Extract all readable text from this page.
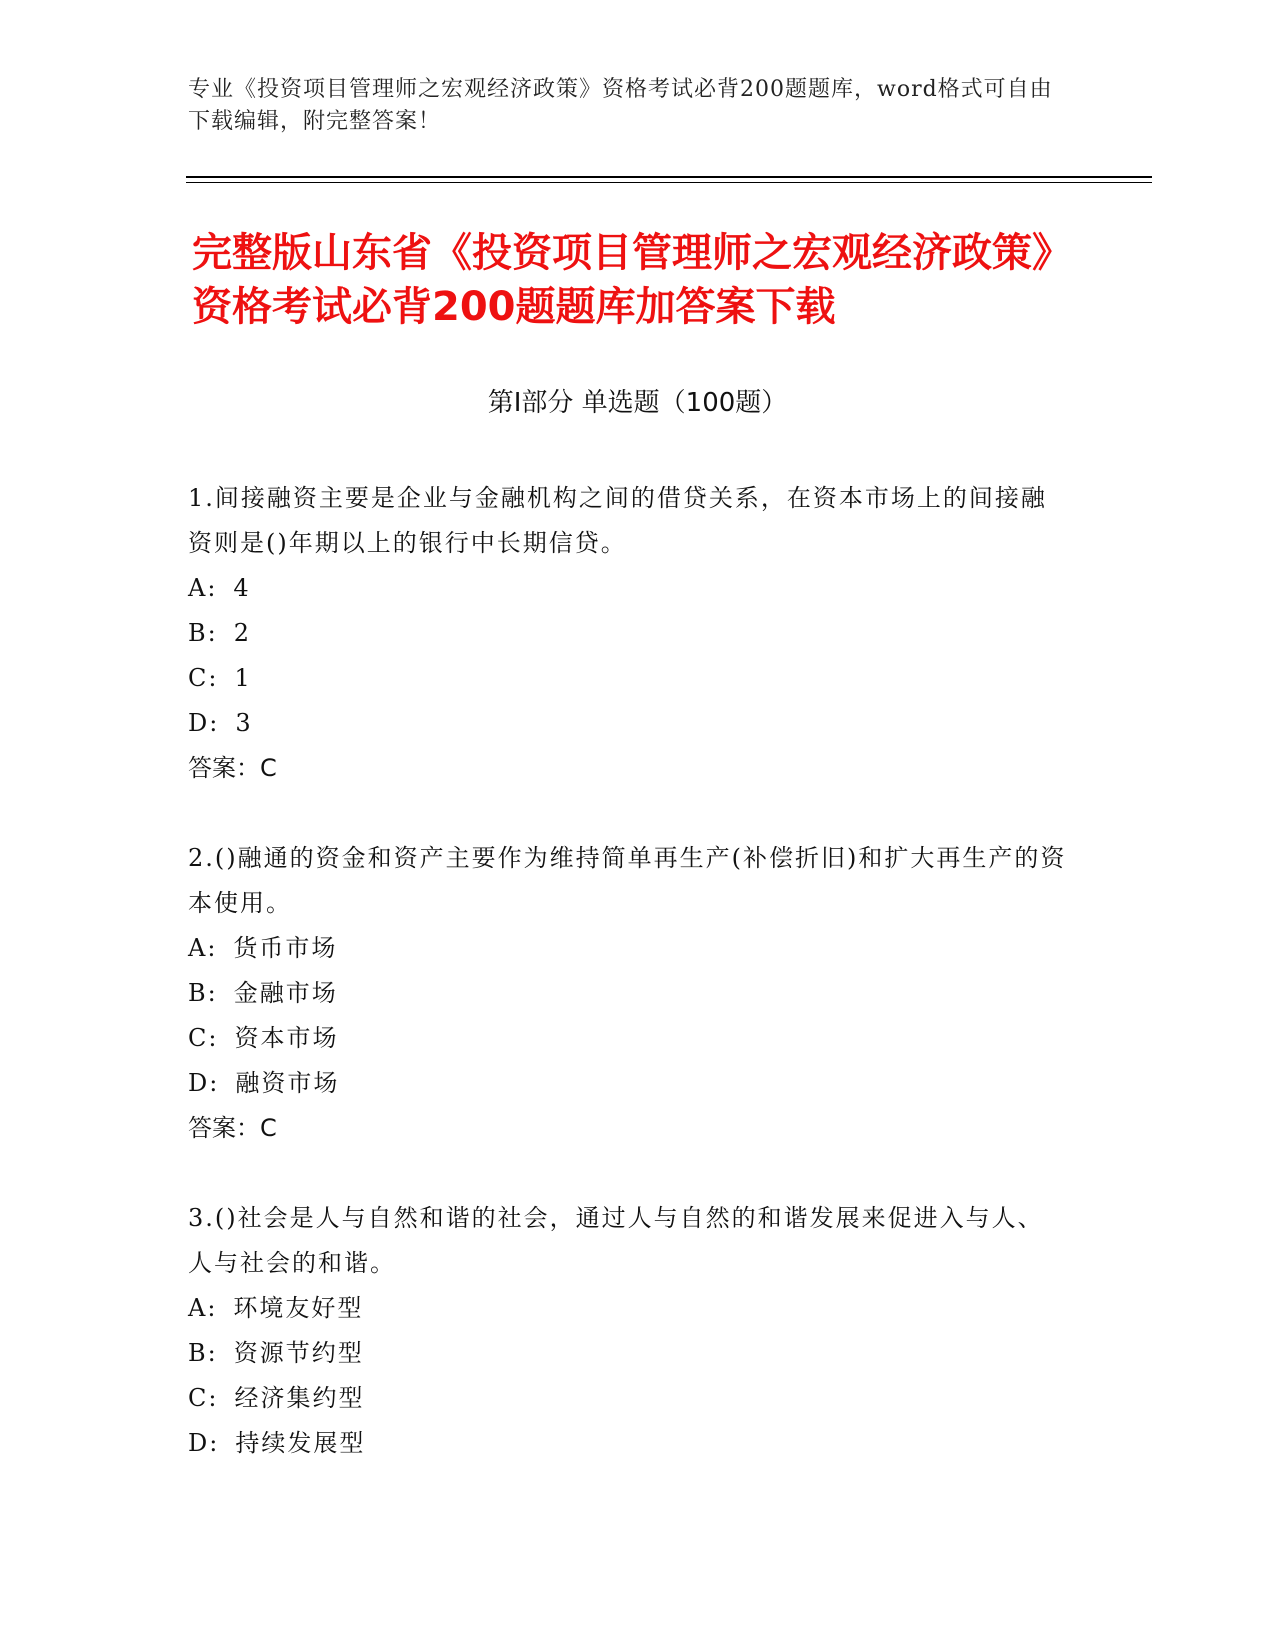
专业《投资项目管理师之宏观经济政策》资格考试必背200题题库，word格式可自由下载编辑，附完整答案！
完整版山东省《投资项目管理师之宏观经济政策》资格考试必背200题题库加答案下载
第Ⅰ部分 单选题（100题）

1.间接融资主要是企业与金融机构之间的借贷关系，在资本市场上的间接融资则是()年期以上的银行中长期信贷。

A: 4
B: 2
C: 1
D: 3
答案：C

2.()融通的资金和资产主要作为维持简单再生产(补偿折旧)和扩大再生产的资本使用。

A: 货币市场
B: 金融市场
C: 资本市场
D: 融资市场
答案：C

3.()社会是人与自然和谐的社会，通过人与自然的和谐发展来促进入与人、人与社会的和谐。

A: 环境友好型
B: 资源节约型
C: 经济集约型
D: 持续发展型
